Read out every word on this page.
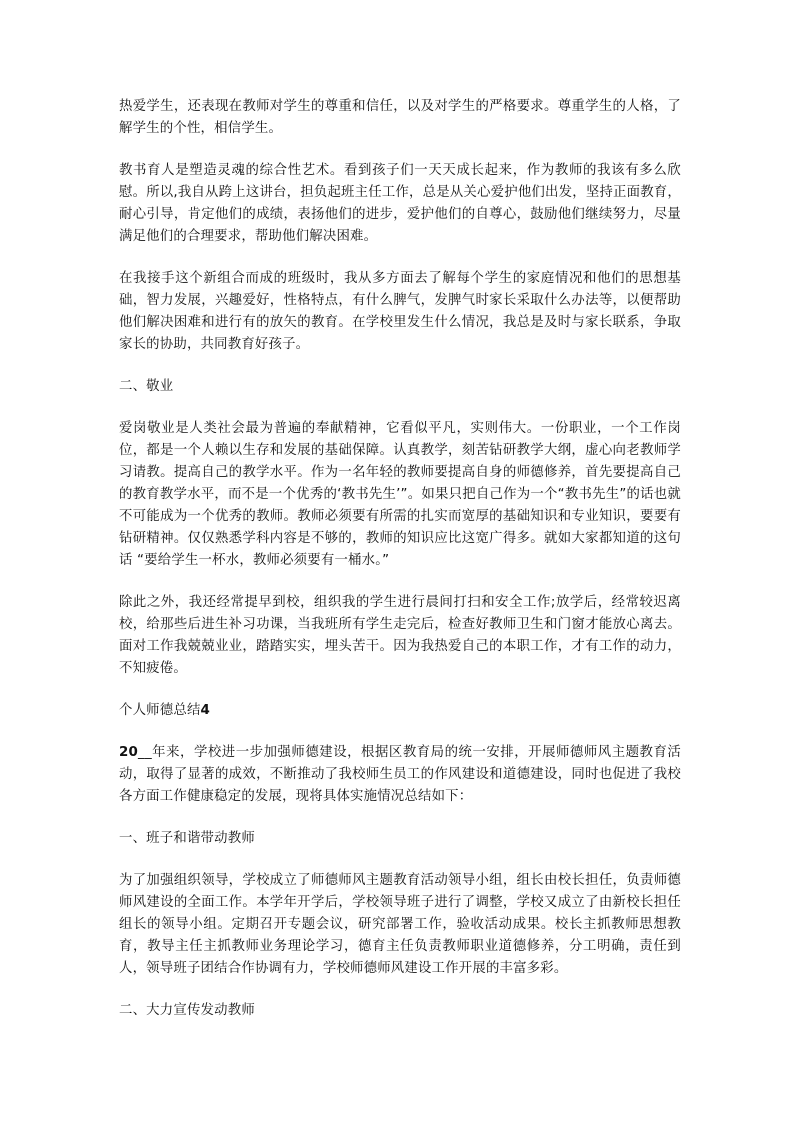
热爱学生，还表现在教师对学生的尊重和信任，以及对学生的严格要求。尊重学生的人格，了解学生的个性，相信学生。

教书育人是塑造灵魂的综合性艺术。看到孩子们一天天成长起来，作为教师的我该有多么欣慰。所以,我自从跨上这讲台，担负起班主任工作，总是从关心爱护他们出发，坚持正面教育，耐心引导，肯定他们的成绩，表扬他们的进步，爱护他们的自尊心，鼓励他们继续努力，尽量满足他们的合理要求，帮助他们解决困难。

在我接手这个新组合而成的班级时，我从多方面去了解每个学生的家庭情况和他们的思想基础，智力发展，兴趣爱好，性格特点，有什么脾气，发脾气时家长采取什么办法等，以便帮助他们解决困难和进行有的放矢的教育。在学校里发生什么情况，我总是及时与家长联系，争取家长的协助，共同教育好孩子。

二、敬业

爱岗敬业是人类社会最为普遍的奉献精神，它看似平凡，实则伟大。一份职业，一个工作岗位，都是一个人赖以生存和发展的基础保障。认真教学，刻苦钻研教学大纲，虚心向老教师学习请教。提高自己的教学水平。作为一名年轻的教师要提高自身的师德修养，首先要提高自己的教育教学水平，而不是一个优秀的‘教书先生’”。如果只把自己作为一个“教书先生”的话也就不可能成为一个优秀的教师。教师必须要有所需的扎实而宽厚的基础知识和专业知识，要要有钻研精神。仅仅熟悉学科内容是不够的，教师的知识应比这宽广得多。就如大家都知道的这句话 “要给学生一杯水，教师必须要有一桶水。”

除此之外，我还经常提早到校，组织我的学生进行晨间打扫和安全工作;放学后，经常较迟离校，给那些后进生补习功课，当我班所有学生走完后，检查好教师卫生和门窗才能放心离去。面对工作我兢兢业业，踏踏实实，埋头苦干。因为我热爱自己的本职工作，才有工作的动力，不知疲倦。

个人师德总结4

20__年来，学校进一步加强师德建设，根据区教育局的统一安排，开展师德师风主题教育活动，取得了显著的成效，不断推动了我校师生员工的作风建设和道德建设，同时也促进了我校各方面工作健康稳定的发展，现将具体实施情况总结如下：

一、班子和谐带动教师

为了加强组织领导，学校成立了师德师风主题教育活动领导小组，组长由校长担任，负责师德师风建设的全面工作。本学年开学后，学校领导班子进行了调整，学校又成立了由新校长担任组长的领导小组。定期召开专题会议，研究部署工作，验收活动成果。校长主抓教师思想教育，教导主任主抓教师业务理论学习，德育主任负责教师职业道德修养，分工明确，责任到人，领导班子团结合作协调有力，学校师德师风建设工作开展的丰富多彩。

二、大力宣传发动教师
